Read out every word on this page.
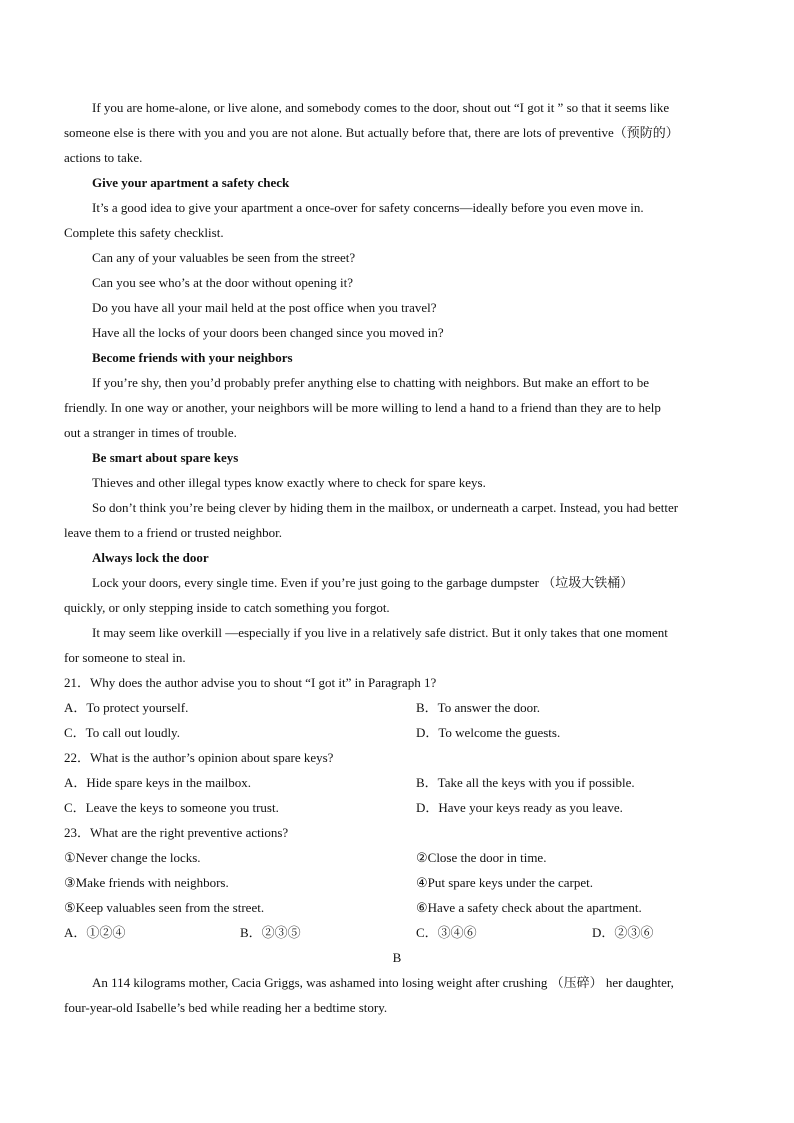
If you are home-alone, or live alone, and somebody comes to the door, shout out “I got it ” so that it seems like
someone else is there with you and you are not alone. But actually before that, there are lots of preventive（预防的）
actions to take.
Give your apartment a safety check
It’s a good idea to give your apartment a once-over for safety concerns—ideally before you even move in.
Complete this safety checklist.
Can any of your valuables be seen from the street?
Can you see who’s at the door without opening it?
Do you have all your mail held at the post office when you travel?
Have all the locks of your doors been changed since you moved in?
Become friends with your neighbors
If you’re shy, then you’d probably prefer anything else to chatting with neighbors. But make an effort to be
friendly. In one way or another, your neighbors will be more willing to lend a hand to a friend than they are to help
out a stranger in times of trouble.
Be smart about spare keys
Thieves and other illegal types know exactly where to check for spare keys.
So don’t think you’re being clever by hiding them in the mailbox, or underneath a carpet. Instead, you had better
leave them to a friend or trusted neighbor.
Always lock the door
Lock your doors, every single time. Even if you’re just going to the garbage dumpster （垃圾大铁桶）
quickly, or only stepping inside to catch something you forgot.
It may seem like overkill —especially if you live in a relatively safe district. But it only takes that one moment
for someone to steal in.
21．Why does the author advise you to shout “I got it” in Paragraph 1?
A．To protect yourself.	B．To answer the door.
C．To call out loudly.	D．To welcome the guests.
22．What is the author’s opinion about spare keys?
A．Hide spare keys in the mailbox.	B．Take all the keys with you if possible.
C．Leave the keys to someone you trust.	D．Have your keys ready as you leave.
23．What are the right preventive actions?
①Never change the locks.	②Close the door in time.
③Make friends with neighbors.	④Put spare keys under the carpet.
⑤Keep valuables seen from the street.	⑥Have a safety check about the apartment.
A．①②④	B．②③⑤	C．③④⑥	D．②③⑥
B
An 114 kilograms mother, Cacia Griggs, was ashamed into losing weight after crushing （压碎） her daughter,
four-year-old Isabelle’s bed while reading her a bedtime story.
